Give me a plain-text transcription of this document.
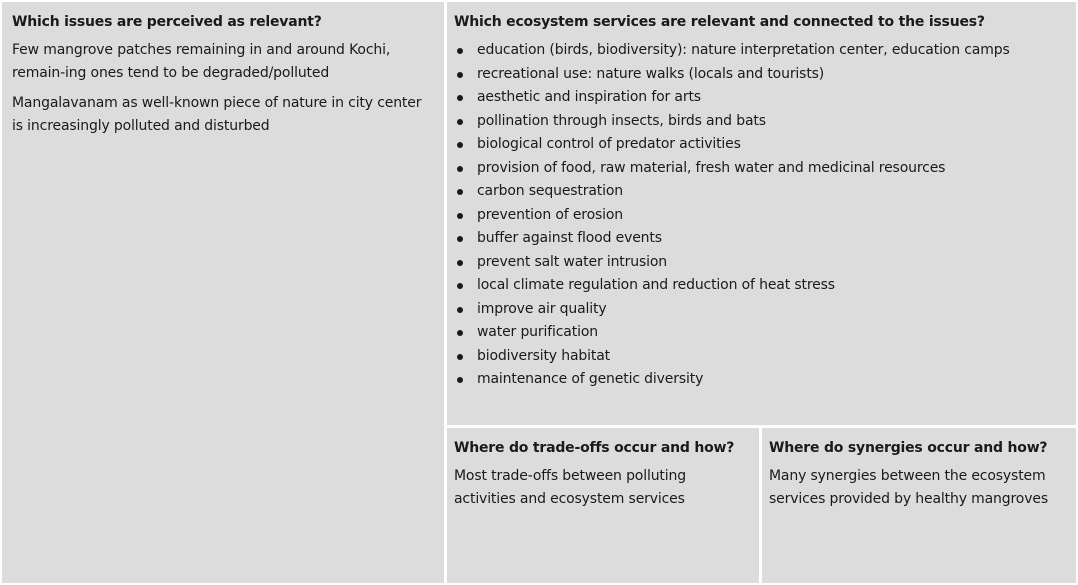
Which issues are perceived as relevant?

Few mangrove patches remaining in and around Kochi, remain-ing ones tend to be degraded/polluted

Mangalavanam as well-known piece of nature in city center is increasingly polluted and disturbed

Which ecosystem services are relevant and connected to the issues?
education (birds, biodiversity): nature interpretation center, education camps
recreational use: nature walks (locals and tourists)
aesthetic and inspiration for arts
pollination through insects, birds and bats
biological control of predator activities
provision of food, raw material, fresh water and medicinal resources
carbon sequestration
prevention of erosion
buffer against flood events
prevent salt water intrusion
local climate regulation and reduction of heat stress
improve air quality
water purification
biodiversity habitat
maintenance of genetic diversity
Where do trade-offs occur and how?

Most trade-offs between polluting activities and ecosystem services

Where do synergies occur and how?

Many synergies between the ecosystem services provided by healthy mangroves
